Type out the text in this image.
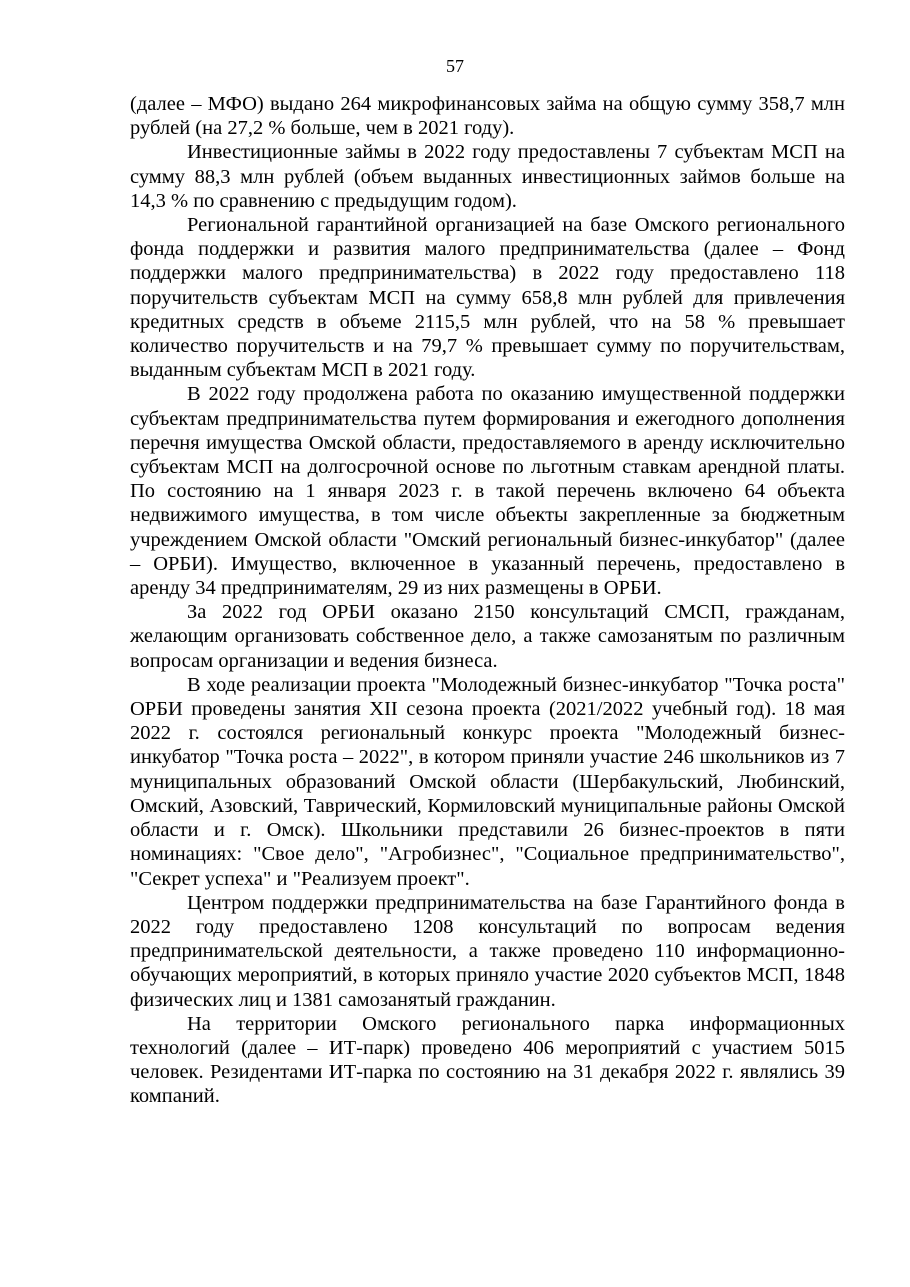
57

(далее – МФО) выдано 264 микрофинансовых займа на общую сумму 358,7 млн рублей (на 27,2 % больше, чем в 2021 году).

Инвестиционные займы в 2022 году предоставлены 7 субъектам МСП на сумму 88,3 млн рублей (объем выданных инвестиционных займов больше на 14,3 % по сравнению с предыдущим годом).

Региональной гарантийной организацией на базе Омского регионального фонда поддержки и развития малого предпринимательства (далее – Фонд поддержки малого предпринимательства) в 2022 году предоставлено 118 поручительств субъектам МСП на сумму 658,8 млн рублей для привлечения кредитных средств в объеме 2115,5 млн рублей, что на 58 % превышает количество поручительств и на 79,7 % превышает сумму по поручительствам, выданным субъектам МСП в 2021 году.

В 2022 году продолжена работа по оказанию имущественной поддержки субъектам предпринимательства путем формирования и ежегодного дополнения перечня имущества Омской области, предоставляемого в аренду исключительно субъектам МСП на долгосрочной основе по льготным ставкам арендной платы. По состоянию на 1 января 2023 г. в такой перечень включено 64 объекта недвижимого имущества, в том числе объекты закрепленные за бюджетным учреждением Омской области "Омский региональный бизнес-инкубатор" (далее – ОРБИ). Имущество, включенное в указанный перечень, предоставлено в аренду 34 предпринимателям, 29 из них размещены в ОРБИ.

За 2022 год ОРБИ оказано 2150 консультаций СМСП, гражданам, желающим организовать собственное дело, а также самозанятым по различным вопросам организации и ведения бизнеса.

В ходе реализации проекта "Молодежный бизнес-инкубатор "Точка роста" ОРБИ проведены занятия XII сезона проекта (2021/2022 учебный год). 18 мая 2022 г. состоялся региональный конкурс проекта "Молодежный бизнес-инкубатор "Точка роста – 2022", в котором приняли участие 246 школьников из 7 муниципальных образований Омской области (Шербакульский, Любинский, Омский, Азовский, Таврический, Кормиловский муниципальные районы Омской области и г. Омск). Школьники представили 26 бизнес-проектов в пяти номинациях: "Свое дело", "Агробизнес", "Социальное предпринимательство", "Секрет успеха" и "Реализуем проект".

Центром поддержки предпринимательства на базе Гарантийного фонда в 2022 году предоставлено 1208 консультаций по вопросам ведения предпринимательской деятельности, а также проведено 110 информационно-обучающих мероприятий, в которых приняло участие 2020 субъектов МСП, 1848 физических лиц и 1381 самозанятый гражданин.

На территории Омского регионального парка информационных технологий (далее – ИТ-парк) проведено 406 мероприятий с участием 5015 человек. Резидентами ИТ-парка по состоянию на 31 декабря 2022 г. являлись 39 компаний.
